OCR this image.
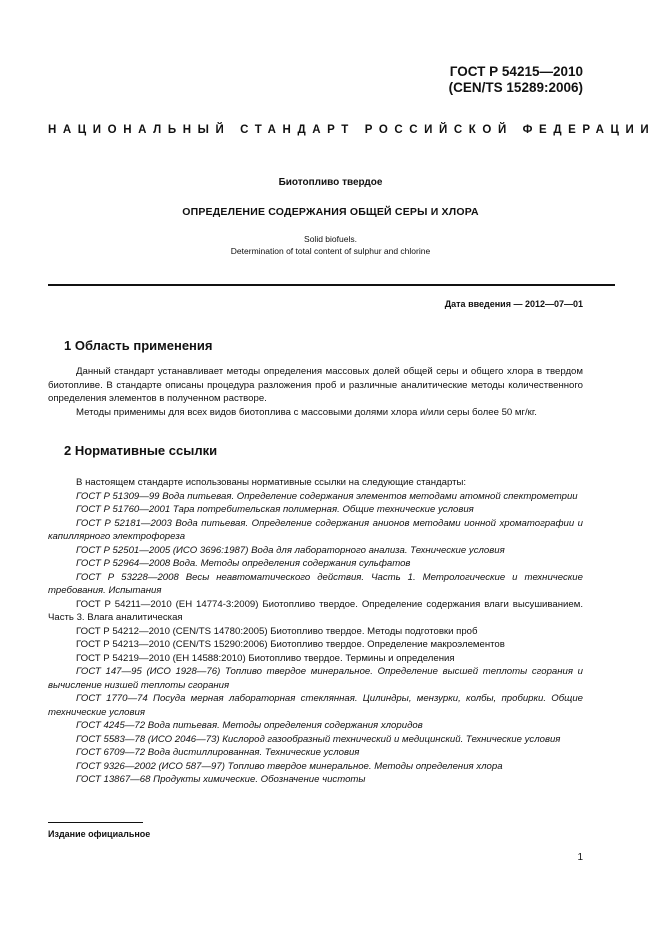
ГОСТ Р 54215—2010
(CEN/TS 15289:2006)
НАЦИОНАЛЬНЫЙ СТАНДАРТ РОССИЙСКОЙ ФЕДЕРАЦИИ
Биотопливо твердое
ОПРЕДЕЛЕНИЕ СОДЕРЖАНИЯ ОБЩЕЙ СЕРЫ И ХЛОРА
Solid biofuels.
Determination of total content of sulphur and chlorine
Дата введения — 2012—07—01
1 Область применения

Данный стандарт устанавливает методы определения массовых долей общей серы и общего хлора в твердом биотопливе. В стандарте описаны процедура разложения проб и различные аналитические методы количественного определения элементов в полученном растворе.

Методы применимы для всех видов биотоплива с массовыми долями хлора и/или серы более 50 мг/кг.

2 Нормативные ссылки
В настоящем стандарте использованы нормативные ссылки на следующие стандарты:
ГОСТ Р 51309—99 Вода питьевая. Определение содержания элементов методами атомной спектрометрии
ГОСТ Р 51760—2001 Тара потребительская полимерная. Общие технические условия
ГОСТ Р 52181—2003 Вода питьевая. Определение содержания анионов методами ионной хроматографии и капиллярного электрофореза
ГОСТ Р 52501—2005 (ИСО 3696:1987) Вода для лабораторного анализа. Технические условия
ГОСТ Р 52964—2008 Вода. Методы определения содержания сульфатов
ГОСТ Р 53228—2008 Весы неавтоматического действия. Часть 1. Метрологические и технические требования. Испытания
ГОСТ Р 54211—2010 (ЕН 14774-3:2009) Биотопливо твердое. Определение содержания влаги высушиванием. Часть 3. Влага аналитическая
ГОСТ Р 54212—2010 (CEN/TS 14780:2005) Биотопливо твердое. Методы подготовки проб
ГОСТ Р 54213—2010 (CEN/TS 15290:2006) Биотопливо твердое. Определение макроэлементов
ГОСТ Р 54219—2010 (ЕН 14588:2010) Биотопливо твердое. Термины и определения
ГОСТ 147—95 (ИСО 1928—76) Топливо твердое минеральное. Определение высшей теплоты сгорания и вычисление низшей теплоты сгорания
ГОСТ 1770—74 Посуда мерная лабораторная стеклянная. Цилиндры, мензурки, колбы, пробирки. Общие технические условия
ГОСТ 4245—72 Вода питьевая. Методы определения содержания хлоридов
ГОСТ 5583—78 (ИСО 2046—73) Кислород газообразный технический и медицинский. Технические условия
ГОСТ 6709—72 Вода дистиллированная. Технические условия
ГОСТ 9326—2002 (ИСО 587—97) Топливо твердое минеральное. Методы определения хлора
ГОСТ 13867—68 Продукты химические. Обозначение чистоты
Издание официальное
1
